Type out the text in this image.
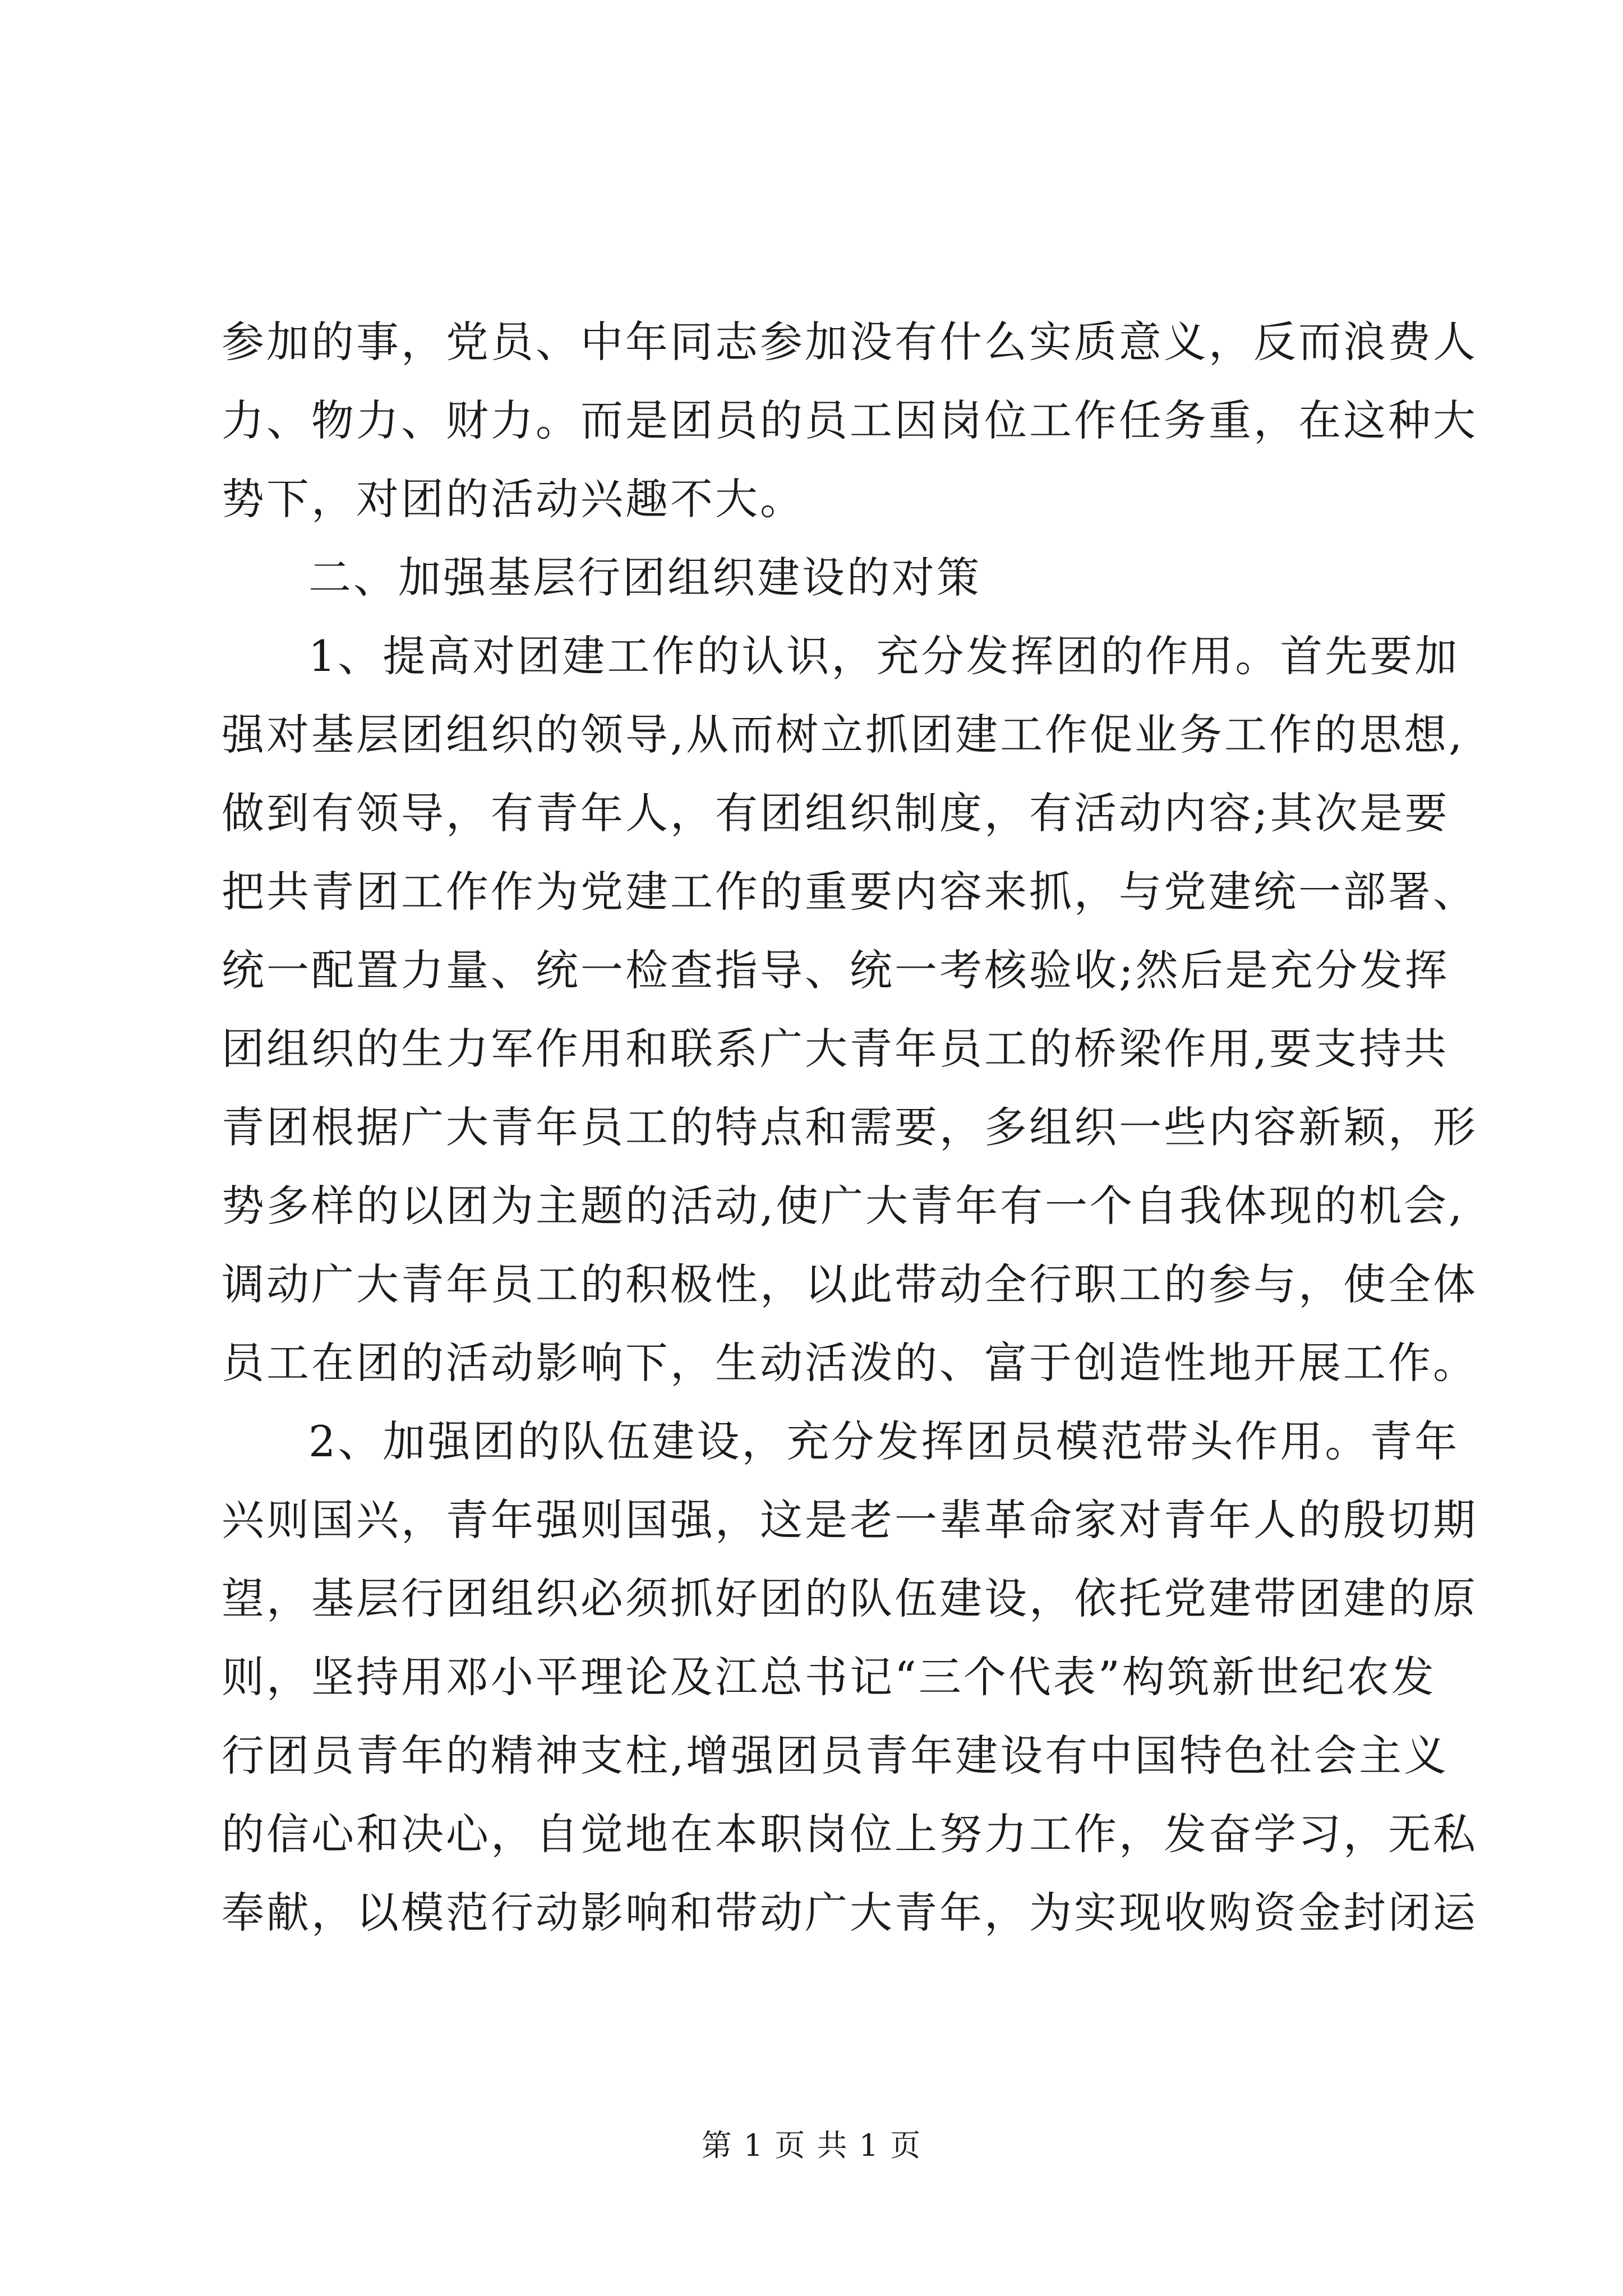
参加的事，党员、中年同志参加没有什么实质意义，反而浪费人
力、物力、财力。而是团员的员工因岗位工作任务重，在这种大
势下，对团的活动兴趣不大。
二、加强基层行团组织建设的对策
1、提高对团建工作的认识，充分发挥团的作用。首先要加
强对基层团组织的领导,从而树立抓团建工作促业务工作的思想,
做到有领导，有青年人，有团组织制度，有活动内容;其次是要
把共青团工作作为党建工作的重要内容来抓，与党建统一部署、
统一配置力量、统一检查指导、统一考核验收;然后是充分发挥
团组织的生力军作用和联系广大青年员工的桥梁作用,要支持共
青团根据广大青年员工的特点和需要，多组织一些内容新颖，形
势多样的以团为主题的活动,使广大青年有一个自我体现的机会,
调动广大青年员工的积极性，以此带动全行职工的参与，使全体
员工在团的活动影响下，生动活泼的、富于创造性地开展工作。
2、加强团的队伍建设，充分发挥团员模范带头作用。青年
兴则国兴，青年强则国强，这是老一辈革命家对青年人的殷切期
望，基层行团组织必须抓好团的队伍建设，依托党建带团建的原
则，坚持用邓小平理论及江总书记“三个代表”构筑新世纪农发
行团员青年的精神支柱,增强团员青年建设有中国特色社会主义
的信心和决心，自觉地在本职岗位上努力工作，发奋学习，无私
奉献，以模范行动影响和带动广大青年，为实现收购资金封闭运
第 1 页 共 1 页
